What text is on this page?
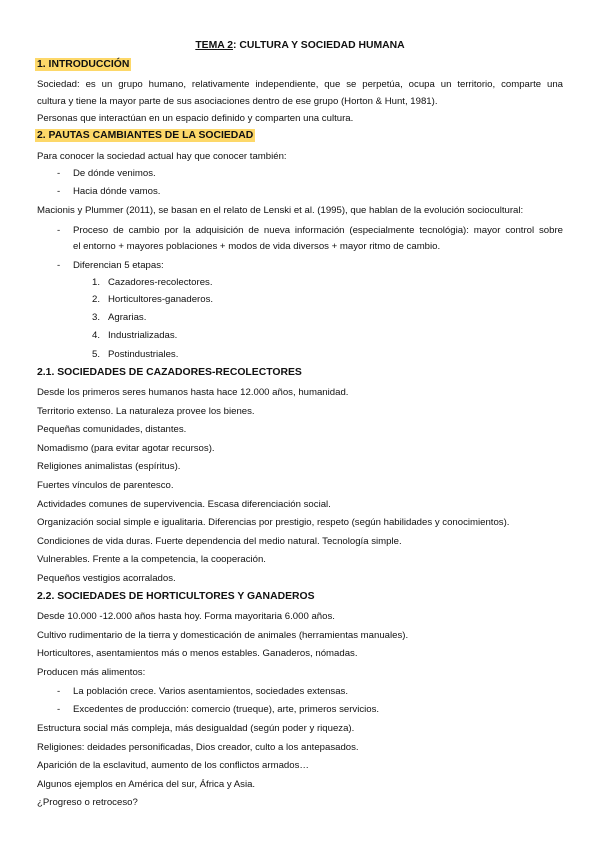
TEMA 2: CULTURA Y SOCIEDAD HUMANA
1. INTRODUCCIÓN
Sociedad: es un grupo humano, relativamente independiente, que se perpetúa, ocupa un territorio, comparte una
cultura y tiene la mayor parte de sus asociaciones dentro de ese grupo (Horton & Hunt, 1981).
Personas que interactúan en un espacio definido y comparten una cultura.
2. PAUTAS CAMBIANTES DE LA SOCIEDAD
Para conocer la sociedad actual hay que conocer también:
- De dónde venimos.
- Hacia dónde vamos.
Macionis y Plummer (2011), se basan en el relato de Lenski et al. (1995), que hablan de la evolución sociocultural:
- Proceso de cambio por la adquisición de nueva información (especialmente tecnológia): mayor control sobre
el entorno + mayores poblaciones + modos de vida diversos + mayor ritmo de cambio.
- Diferencian 5 etapas:
1. Cazadores-recolectores.
2. Horticultores-ganaderos.
3. Agrarias.
4. Industrializadas.
5. Postindustriales.
2.1. SOCIEDADES DE CAZADORES-RECOLECTORES
Desde los primeros seres humanos hasta hace 12.000 años, humanidad.
Territorio extenso. La naturaleza provee los bienes.
Pequeñas comunidades, distantes.
Nomadismo (para evitar agotar recursos).
Religiones animalistas (espíritus).
Fuertes vínculos de parentesco.
Actividades comunes de supervivencia. Escasa diferenciación social.
Organización social simple e igualitaria. Diferencias por prestigio, respeto (según habilidades y conocimientos).
Condiciones de vida duras. Fuerte dependencia del medio natural. Tecnología simple.
Vulnerables. Frente a la competencia, la cooperación.
Pequeños vestigios acorralados.
2.2. SOCIEDADES DE HORTICULTORES Y GANADEROS
Desde 10.000 -12.000 años hasta hoy. Forma mayoritaria 6.000 años.
Cultivo rudimentario de la tierra y domesticación de animales (herramientas manuales).
Horticultores, asentamientos más o menos estables. Ganaderos, nómadas.
Producen más alimentos:
- La población crece. Varios asentamientos, sociedades extensas.
- Excedentes de producción: comercio (trueque), arte, primeros servicios.
Estructura social más compleja, más desigualdad (según poder y riqueza).
Religiones: deidades personificadas, Dios creador, culto a los antepasados.
Aparición de la esclavitud, aumento de los conflictos armados…
Algunos ejemplos en América del sur, África y Asia.
¿Progreso o retroceso?
